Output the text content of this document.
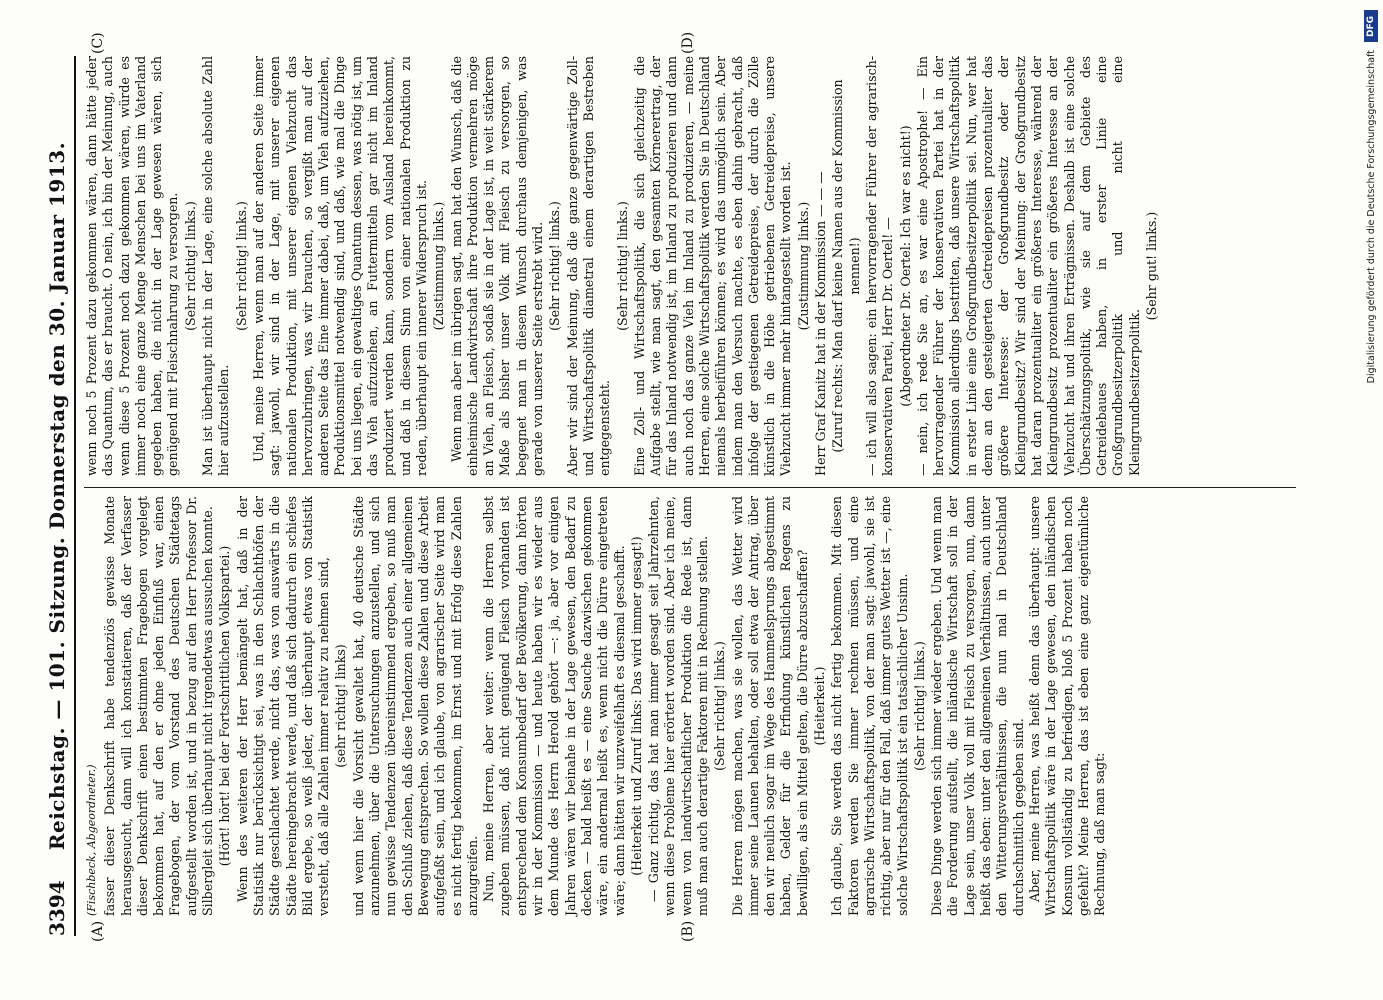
3394
Reichstag. — 101. Sitzung. Donnerstag den 30. Januar 1913.
(A)	(B)
(C)	(D)
(Fischbeck, Abgeordneter.) fasser dieser Denkschrift habe tendenziös gewisse Monate herausgesucht, dann will ich konstatieren, daß der Verfasser dieser Denkschrift einen bestimmten Fragebogen vorgelegt bekommen hat, auf den er ohne jeden Einfluß war, einen Fragebogen, der vom Vorstand des Deutschen Städtetags aufgestellt worden ist, und in bezug auf den Herr Professor Dr. Silbergleit sich überhaupt nicht irgendetwas aussuchen konnte. (Hört! hört! bei der Fortschrittlichen Volkspartei.) Wenn des weiteren der Herr bemängelt hat, daß in der Statistik nur berücksichtigt sei, was in den Schlachthöfen der Städte geschlachtet werde, nicht das, was von auswärts in die Städte hereingebracht werde, und daß sich dadurch ein schiefes Bild ergebe, so weiß jeder, der überhaupt etwas von Statistik versteht, daß alle Zahlen immer relativ zu nehmen sind, (sehr richtig! links) und wenn hier die Vorsicht gewaltet hat, 40 deutsche Städte anzunehmen, über die Untersuchungen anzustellen, und sich nun gewisse Tendenzen übereinstimmend ergeben, so muß man den Schluß ziehen, daß diese Tendenzen auch einer allgemeinen Bewegung entsprechen. So wollen diese Zahlen und diese Arbeit aufgefaßt sein, und ich glaube, von agrarischer Seite wird man es nicht fertig bekommen, im Ernst und mit Erfolg diese Zahlen anzugreifen. Nun, meine Herren, aber weiter: wenn die Herren selbst zugeben müssen, daß nicht genügend Fleisch vorhanden ist entsprechend dem Konsumbedarf der Bevölkerung, dann hörten wir in der Kommission — und heute haben wir es wieder aus dem Munde des Herrn Herold gehört —: ja, aber vor einigen Jahren wären wir beinahe in der Lage gewesen, den Bedarf zu decken — bald heißt es — eine Seuche dazwischen gekommen wäre, ein andermal heißt es, wenn nicht die Dürre eingetreten wäre; dann hätten wir unzweifelhaft es diesmal geschafft. (Heiterkeit und Zuruf links: Das wird immer gesagt!) — Ganz richtig, das hat man immer gesagt seit Jahrzehnten, wenn diese Probleme hier erörtert worden sind. Aber ich meine, wenn von landwirtschaftlicher Produktion die Rede ist, dann muß man auch derartige Faktoren mit in Rechnung stellen. (Sehr richtig! links.) Die Herren mögen machen, was sie wollen, das Wetter wird immer seine Launen behalten, oder soll etwa der Antrag, über den wir neulich sogar im Wege des Hammelsprungs abgestimmt haben, Gelder für die Erfindung künstlichen Regens zu bewilligen, als ein Mittel gelten, die Dürre abzuschaffen? (Heiterkeit.) Ich glaube, Sie werden das nicht fertig bekommen. Mit diesen Faktoren werden Sie immer rechnen müssen, und eine agrarische Wirtschaftspolitik, von der man sagt: jawohl, sie ist richtig, aber nur für den Fall, daß immer gutes Wetter ist —, eine solche Wirtschaftspolitik ist ein tatsächlicher Unsinn. (Sehr richtig! links.) Diese Dinge werden sich immer wieder ergeben. Und wenn man die Forderung aufstellt, die inländische Wirtschaft soll in der Lage sein, unser Volk voll mit Fleisch zu versorgen, nun, dann heißt das eben: unter den allgemeinen Verhältnissen, auch unter den Witterungsverhältnissen, die nun mal in Deutschland durchschnittlich gegeben sind. Aber, meine Herren, was heißt denn das überhaupt: unsere Wirtschaftspolitik wäre in der Lage gewesen, den inländischen Konsum vollständig zu befriedigen, bloß 5 Prozent haben noch gefehlt? Meine Herren, das ist eben eine ganz eigentümliche Rechnung, daß man sagt:

wenn noch 5 Prozent dazu gekommen wären, dann hätte jeder das Quantum, das er braucht. O nein, ich bin der Meinung, auch wenn diese 5 Prozent noch dazu gekommen wären, würde es immer noch eine ganze Menge Menschen bei uns im Vaterland gegeben haben, die nicht in der Lage gewesen wären, sich genügend mit Fleischnahrung zu versorgen. (Sehr richtig! links.) Man ist überhaupt nicht in der Lage, eine solche absolute Zahl hier aufzustellen.

(Sehr richtig! links.) Und, meine Herren, wenn man auf der anderen Seite immer sagt: jawohl, wir sind in der Lage, mit unserer eigenen nationalen Produktion, mit unserer eigenen Viehzucht das hervorzubringen, was wir brauchen, so vergißt man auf der anderen Seite das Eine immer dabei, daß, um Vieh aufzuziehen, Produktionsmittel notwendig sind, und daß, wie mal die Dinge bei uns liegen, ein gewaltiges Quantum dessen, was nötig ist, um das Vieh aufzuziehen, an Futtermitteln gar nicht im Inland produziert werden kann, sondern vom Ausland hereinkommt, und daß in diesem Sinn von einer nationalen Produktion zu reden, überhaupt ein innerer Widerspruch ist. (Zustimmung links.) Wenn man aber im übrigen sagt, man hat den Wunsch, daß die einheimische Landwirtschaft ihre Produktion vermehren möge an Vieh, an Fleisch, sodaß sie in der Lage ist, in weit stärkerem Maße als bisher unser Volk mit Fleisch zu versorgen, so begegnet man in diesem Wunsch durchaus demjenigen, was gerade von unserer Seite erstrebt wird. (Sehr richtig! links.) Aber wir sind der Meinung, daß die ganze gegenwärtige Zoll- und Wirtschaftspolitik diametral einem derartigen Bestreben entgegensteht.

(Sehr richtig! links.) Eine Zoll- und Wirtschaftspolitik, die sich gleichzeitig die Aufgabe stellt, wie man sagt, den gesamten Körnerertrag, der für das Inland notwendig ist, im Inland zu produzieren und dann auch noch das ganze Vieh im Inland zu produzieren, — meine Herren, eine solche Wirtschaftspolitik werden Sie in Deutschland niemals herbeiführen können; es wird das unmöglich sein. Aber indem man den Versuch machte, es eben dahin gebracht, daß infolge der gestiegenen Getreidepreise, der durch die Zölle künstlich in die Höhe getriebenen Getreidepreise, unsere Viehzucht immer mehr hintangestellt worden ist. (Zustimmung links.) Herr Graf Kanitz hat in der Kommission — — — (Zuruf rechts: Man darf keine Namen aus der Kommission nennen!) — ich will also sagen: ein hervorragender Führer der agrarisch-konservativen Partei, Herr Dr. Oertel! — (Abgeordneter Dr. Oertel: Ich war es nicht!) — nein, ich rede Sie an, es war eine Apostrophe! — Ein hervorragender Führer der konservativen Partei hat in der Kommission allerdings bestritten, daß unsere Wirtschaftspolitik in erster Linie eine Großgrundbesitzerpolitik sei. Nun, wer hat denn an den gesteigerten Getreidepreisen prozentualiter das größere Interesse: der Großgrundbesitz oder der Kleingrundbesitz? Wir sind der Meinung: der Großgrundbesitz hat daran prozentualiter ein größeres Interesse, während der Kleingrundbesitz prozentualiter ein größeres Interesse an der Viehzucht hat und ihren Erträgnissen. Deshalb ist eine solche Überschätzungspolitik, wie sie auf dem Gebiete des Getreidebaues haben, in erster Linie eine Großgrundbesitzerpolitik und nicht eine Kleingrundbesitzerpolitik.

(Sehr gut! links.)
DFG
Digitalisierung gefördert durch die Deutsche Forschungsgemeinschaft
